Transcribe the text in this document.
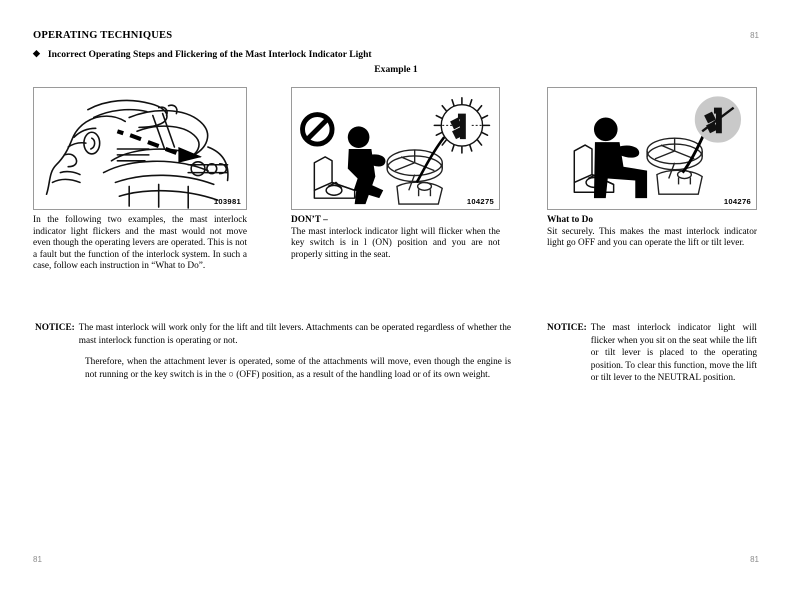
OPERATING TECHNIQUES	81
◆ Incorrect Operating Steps and Flickering of the Mast Interlock Indicator Light
Example 1
103981	104275	104276

In the following two examples, the mast interlock indicator light flickers and the mast would not move even though the operating levers are operated. This is not a fault but the function of the interlock system. In such a case, follow each instruction in “What to Do”.

DON’T –

The mast interlock indicator light will flicker when the key switch is in l (ON) position and you are not properly sitting in the seat.

What to Do

Sit securely. This makes the mast interlock indicator light go OFF and you can operate the lift or tilt lever.

NOTICE: The mast interlock will work only for the lift and tilt levers. Attachments can be operated regardless of whether the mast interlock function is operating or not.

Therefore, when the attachment lever is operated, some of the attachments will move, even though the engine is not running or the key switch is in the ○ (OFF) position, as a result of the handling load or of its own weight.

NOTICE: The mast interlock indicator light will flicker when you sit on the seat while the lift or tilt lever is placed to the operating position. To clear this function, move the lift or tilt lever to the NEUTRAL position.
81	81
